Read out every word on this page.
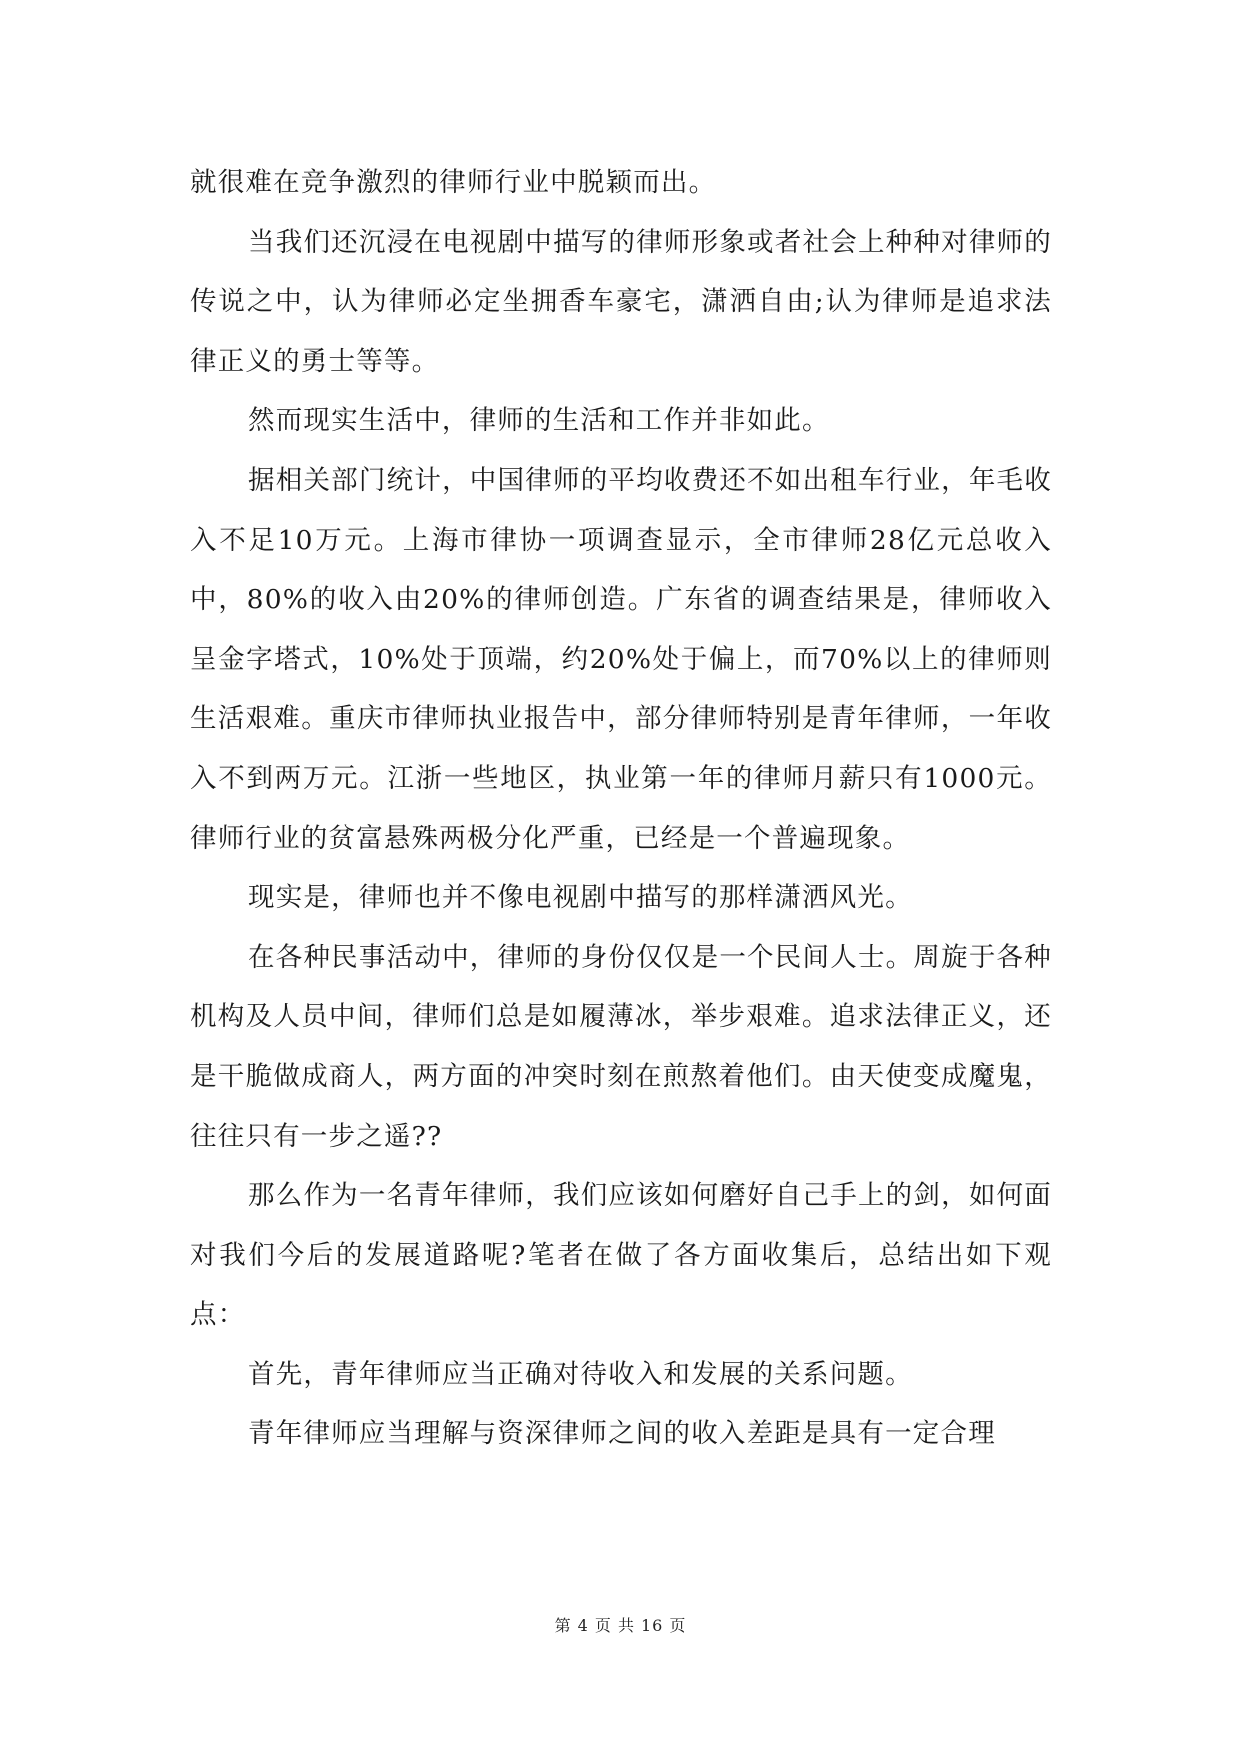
就很难在竞争激烈的律师行业中脱颖而出。

当我们还沉浸在电视剧中描写的律师形象或者社会上种种对律师的传说之中，认为律师必定坐拥香车豪宅，潇洒自由;认为律师是追求法律正义的勇士等等。

然而现实生活中，律师的生活和工作并非如此。

据相关部门统计，中国律师的平均收费还不如出租车行业，年毛收入不足10万元。上海市律协一项调查显示，全市律师28亿元总收入中，80%的收入由20%的律师创造。广东省的调查结果是，律师收入呈金字塔式，10%处于顶端，约20%处于偏上，而70%以上的律师则生活艰难。重庆市律师执业报告中，部分律师特别是青年律师，一年收入不到两万元。江浙一些地区，执业第一年的律师月薪只有1000元。律师行业的贫富悬殊两极分化严重，已经是一个普遍现象。

现实是，律师也并不像电视剧中描写的那样潇洒风光。

在各种民事活动中，律师的身份仅仅是一个民间人士。周旋于各种机构及人员中间，律师们总是如履薄冰，举步艰难。追求法律正义，还是干脆做成商人，两方面的冲突时刻在煎熬着他们。由天使变成魔鬼，往往只有一步之遥??

那么作为一名青年律师，我们应该如何磨好自己手上的剑，如何面对我们今后的发展道路呢?笔者在做了各方面收集后，总结出如下观点：

首先，青年律师应当正确对待收入和发展的关系问题。

青年律师应当理解与资深律师之间的收入差距是具有一定合理

第 4 页 共 16 页
